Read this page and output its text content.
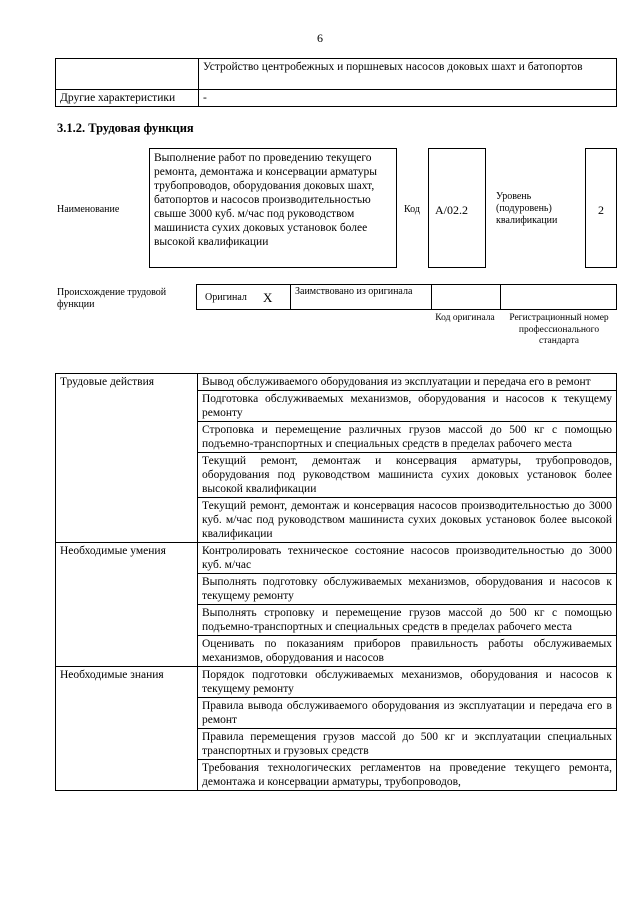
6
	Устройство центробежных и поршневых насосов доковых шахт и батопортов
Другие характеристики	-
3.1.2. Трудовая функция
Наименование
Выполнение работ по проведению текущего ремонта, демонтажа и консервации арматуры трубопроводов, оборудования доковых шахт, батопортов и насосов производительностью свыше 3000 куб. м/час под руководством машиниста сухих доковых установок более высокой квалификации
Код A/02.2
Уровень (подуровень) квалификации
2
Происхождение трудовой функции
Оригинал X Заимствовано из оригинала
Код оригинала	Регистрационный номер профессионального стандарта
Трудовые действия	Вывод обслуживаемого оборудования из эксплуатации и передача его в ремонт
	Подготовка обслуживаемых механизмов, оборудования и насосов к текущему ремонту
	Строповка и перемещение различных грузов массой до 500 кг с помощью подъемно-транспортных и специальных средств в пределах рабочего места
	Текущий ремонт, демонтаж и консервация арматуры, трубопроводов, оборудования под руководством машиниста сухих доковых установок более высокой квалификации
	Текущий ремонт, демонтаж и консервация насосов производительностью до 3000 куб. м/час под руководством машиниста сухих доковых установок более высокой квалификации
Необходимые умения	Контролировать техническое состояние насосов производительностью до 3000 куб. м/час
	Выполнять подготовку обслуживаемых механизмов, оборудования и насосов к текущему ремонту
	Выполнять строповку и перемещение грузов массой до 500 кг с помощью подъемно-транспортных и специальных средств в пределах рабочего места
	Оценивать по показаниям приборов правильность работы обслуживаемых механизмов, оборудования и насосов
Необходимые знания	Порядок подготовки обслуживаемых механизмов, оборудования и насосов к текущему ремонту
	Правила вывода обслуживаемого оборудования из эксплуатации и передача его в ремонт
	Правила перемещения грузов массой до 500 кг и эксплуатации специальных транспортных и грузовых средств
	Требования технологических регламентов на проведение текущего ремонта, демонтажа и консервации арматуры, трубопроводов,
